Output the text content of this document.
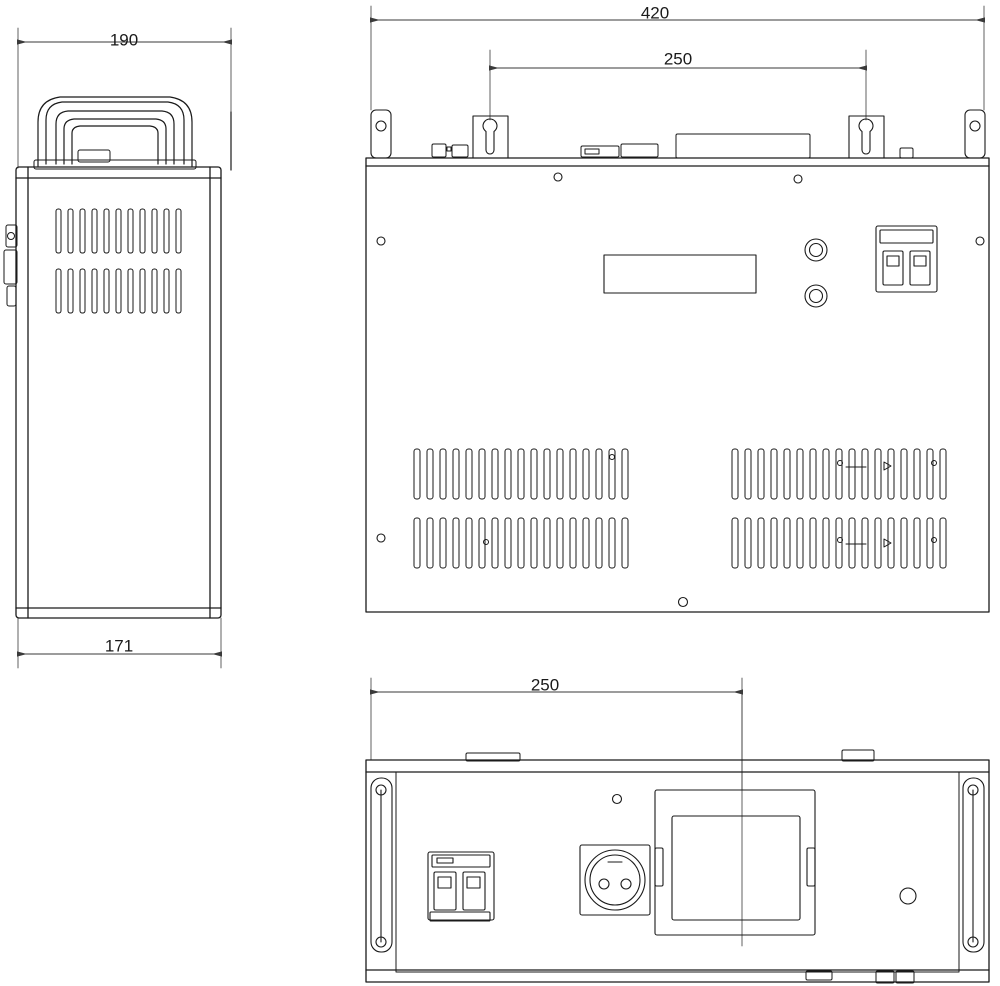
190
171
420
250
250
